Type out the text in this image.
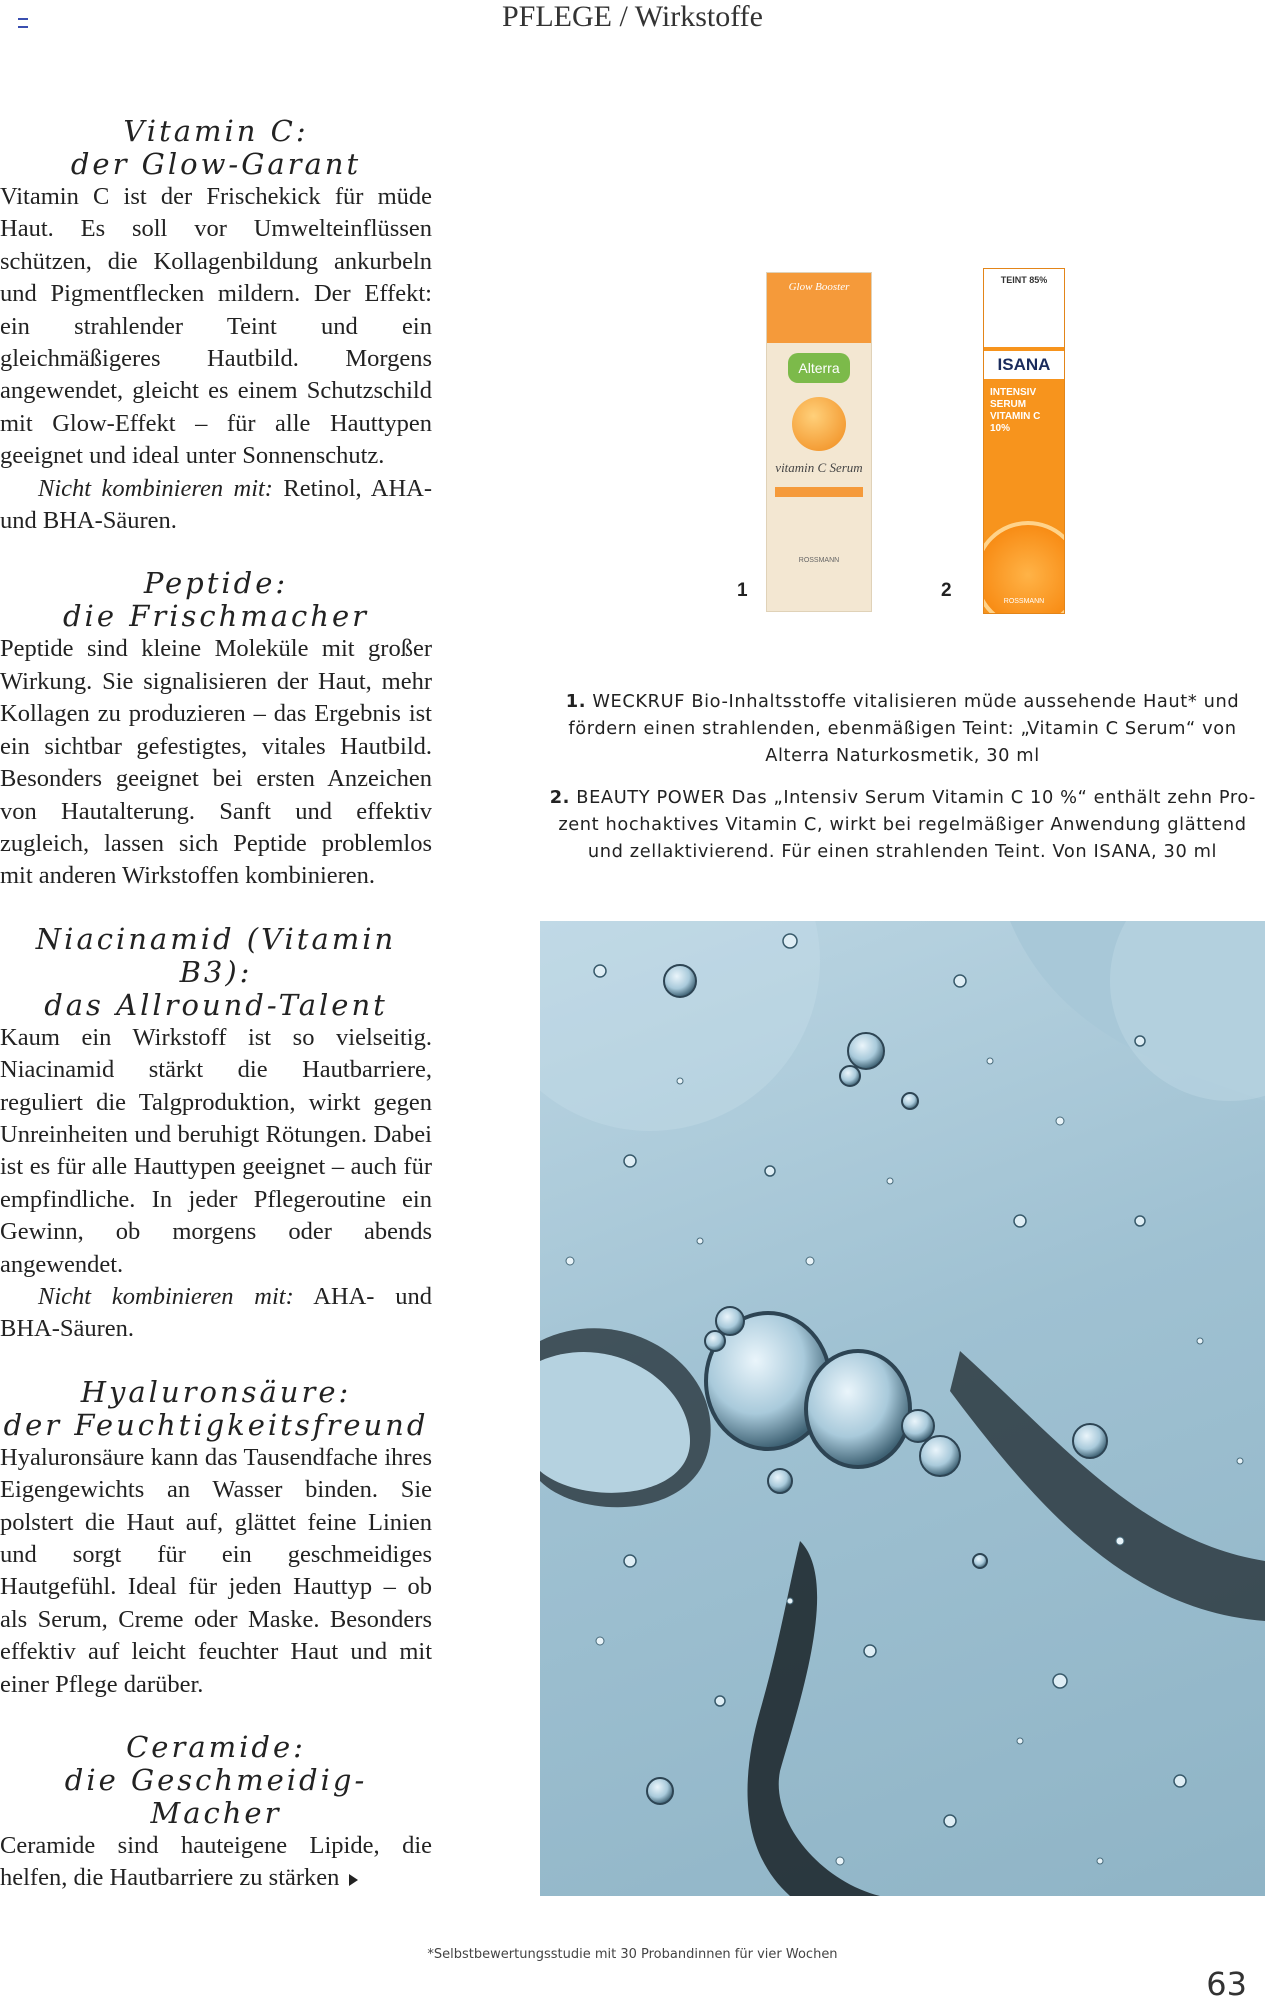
PFLEGE / Wirkstoffe
Vitamin C:
der Glow-Garant

Vitamin C ist der Frischekick für müde Haut. Es soll vor Umwelteinflüssen schützen, die Kollagenbildung ankurbeln und Pigmentflecken mildern. Der Effekt: ein strahlender Teint und ein gleichmäßigeres Hautbild. Morgens angewendet, gleicht es einem Schutzschild mit Glow-Effekt – für alle Hauttypen geeignet und ideal unter Sonnenschutz.

Nicht kombinieren mit: Retinol, AHA- und BHA-Säuren.

Peptide:
die Frischmacher

Peptide sind kleine Moleküle mit großer Wirkung. Sie signalisieren der Haut, mehr Kollagen zu produzieren – das Ergebnis ist ein sichtbar gefestigtes, vitales Hautbild. Besonders geeignet bei ersten Anzeichen von Hautalterung. Sanft und effektiv zugleich, lassen sich Peptide problemlos mit anderen Wirkstoffen kombinieren.

Niacinamid (Vitamin B3):
das Allround-Talent

Kaum ein Wirkstoff ist so vielseitig. Niacinamid stärkt die Hautbarriere, reguliert die Talgproduktion, wirkt gegen Unreinheiten und beruhigt Rötungen. Dabei ist es für alle Hauttypen geeignet – auch für empfindliche. In jeder Pflegeroutine ein Gewinn, ob morgens oder abends angewendet.

Nicht kombinieren mit: AHA- und BHA-Säuren.

Hyaluronsäure:
der Feuchtigkeitsfreund

Hyaluronsäure kann das Tausendfache ihres Eigengewichts an Wasser binden. Sie polstert die Haut auf, glättet feine Linien und sorgt für ein geschmeidiges Hautgefühl. Ideal für jeden Hauttyp – ob als Serum, Creme oder Maske. Besonders effektiv auf leicht feuchter Haut und mit einer Pflege darüber.

Ceramide:
die Geschmeidig-Macher

Ceramide sind hauteigene Lipide, die helfen, die Hautbarriere zu stärken

Glow Booster
Alterra
vitamin C Serum
ROSSMANN
1
TEINT 85%
ISANA
INTENSIV SERUM VITAMIN C 10%
ROSSMANN
2

1. WECKRUF Bio-Inhaltsstoffe vitalisieren müde aussehende Haut* und fördern einen strahlenden, ebenmäßigen Teint: „Vitamin C Serum“ von Alterra Naturkosmetik, 30 ml

2. BEAUTY POWER Das „Intensiv Serum Vitamin C 10 %“ enthält zehn Prozent hochaktives Vitamin C, wirkt bei regelmäßiger Anwendung glättend und zellaktivierend. Für einen strahlenden Teint. Von ISANA, 30 ml

*Selbstbewertungsstudie mit 30 Probandinnen für vier Wochen
63
